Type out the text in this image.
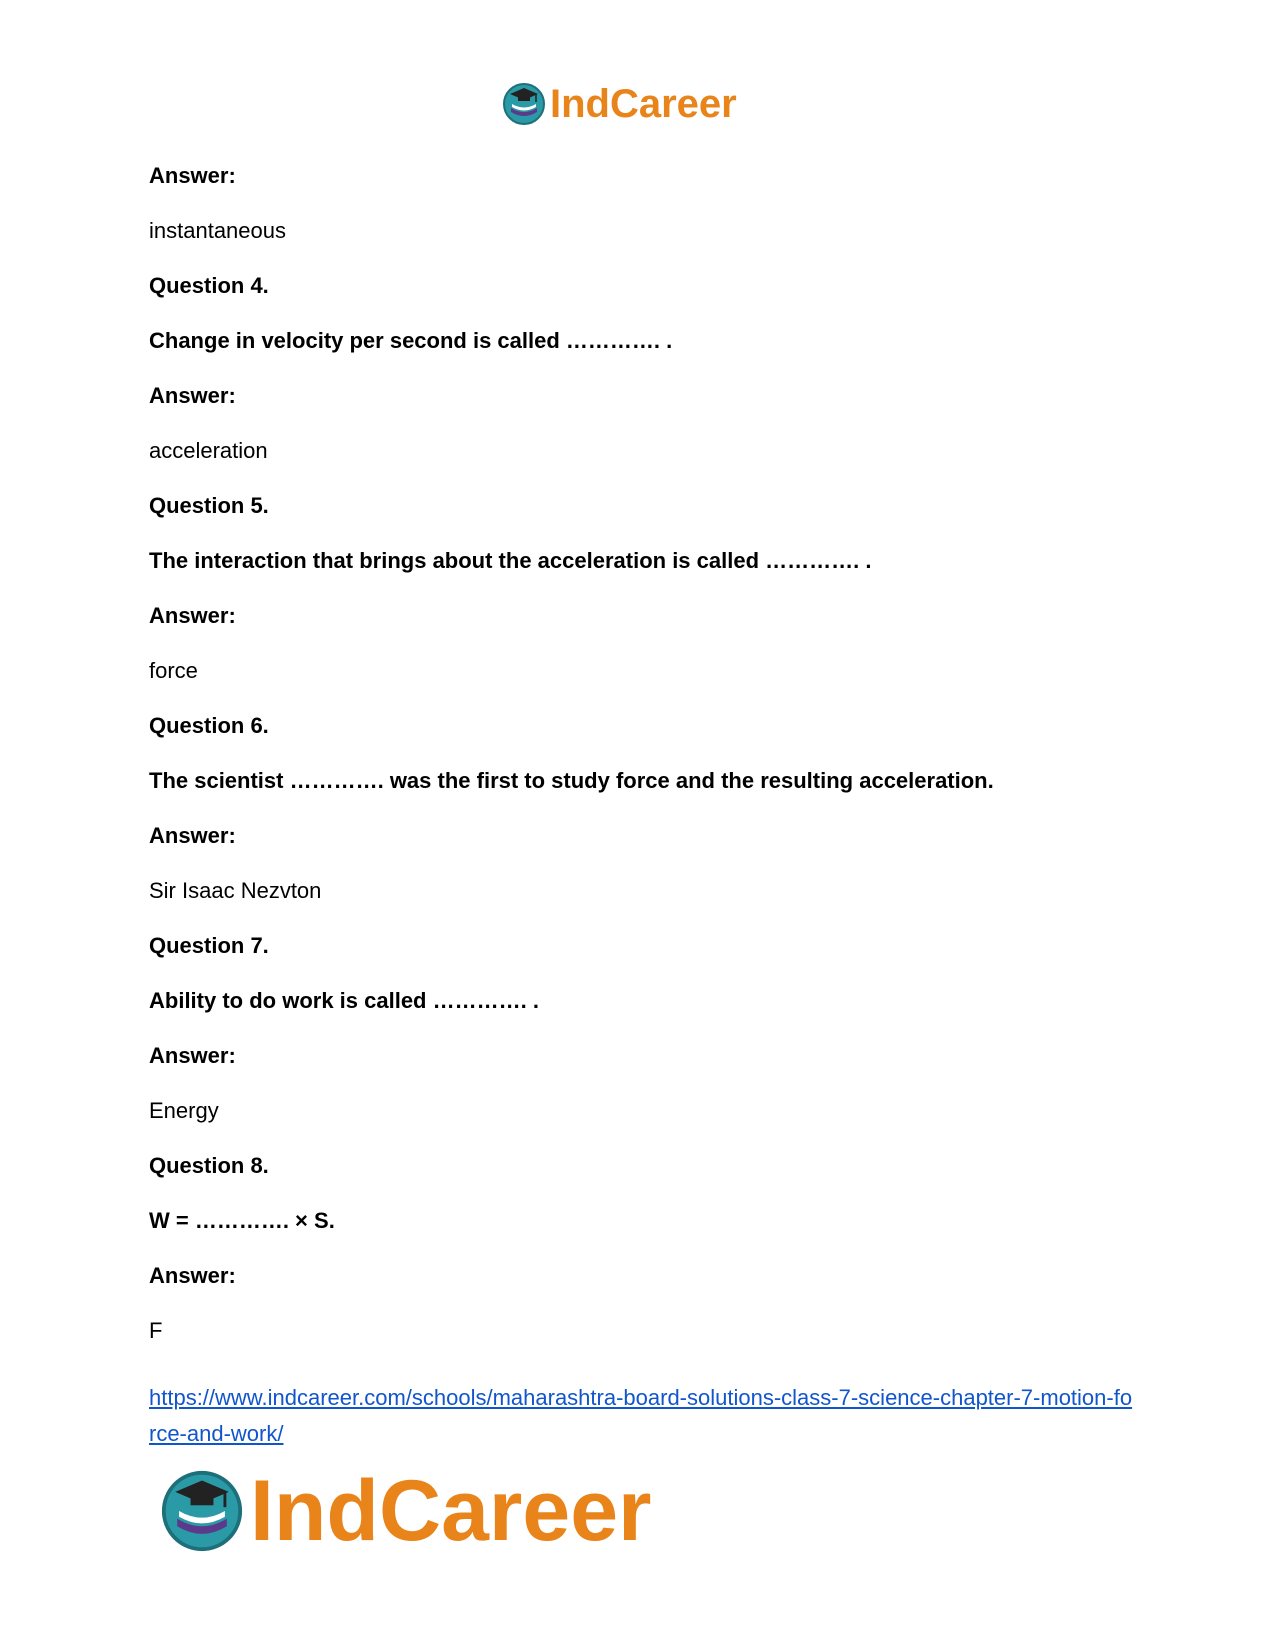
IndCareer
Answer:
instantaneous
Question 4.
Change in velocity per second is called …………. .
Answer:
acceleration
Question 5.
The interaction that brings about the acceleration is called …………. .
Answer:
force
Question 6.
The scientist …………. was the first to study force and the resulting acceleration.
Answer:
Sir Isaac Nezvton
Question 7.
Ability to do work is called …………. .
Answer:
Energy
Question 8.
W = …………. × S.
Answer:
F
https://www.indcareer.com/schools/maharashtra-board-solutions-class-7-science-chapter-7-motion-force-and-work/
IndCareer
